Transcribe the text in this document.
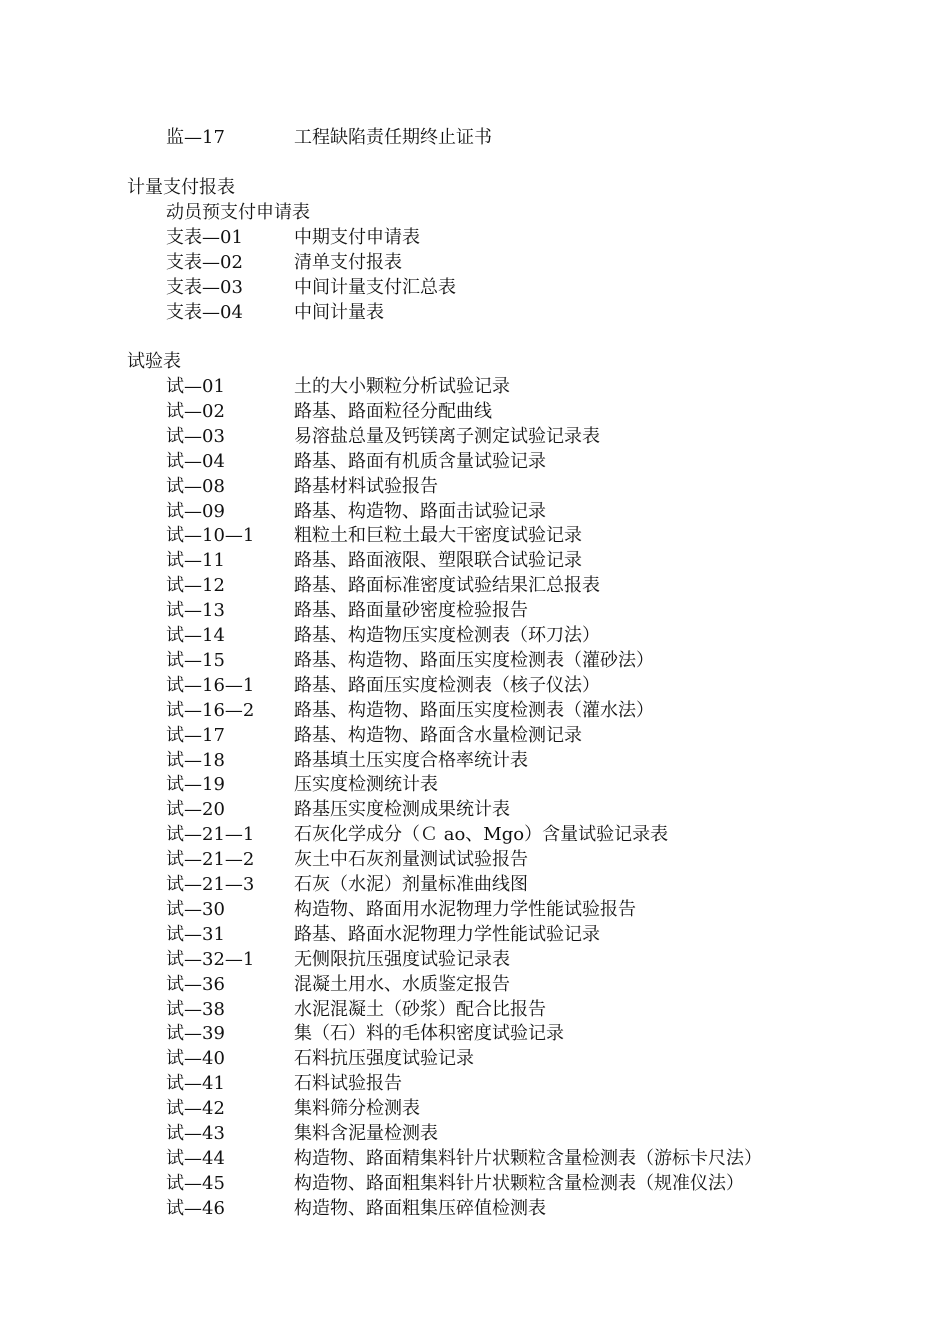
监—17	工程缺陷责任期终止证书
计量支付报表
动员预支付申请表
支表—01	中期支付申请表
支表—02	清单支付报表
支表—03	中间计量支付汇总表
支表—04	中间计量表
试验表
试—01	土的大小颗粒分析试验记录
试—02	路基、路面粒径分配曲线
试—03	易溶盐总量及钙镁离子测定试验记录表
试—04	路基、路面有机质含量试验记录
试—08	路基材料试验报告
试—09	路基、构造物、路面击试验记录
试—10—1 粗粒土和巨粒土最大干密度试验记录
试—11	路基、路面液限、塑限联合试验记录
试—12	路基、路面标准密度试验结果汇总报表
试—13	路基、路面量砂密度检验报告
试—14	路基、构造物压实度检测表（环刀法）
试—15	路基、构造物、路面压实度检测表（灌砂法）
试—16—1 路基、路面压实度检测表（核子仪法）
试—16—2 路基、构造物、路面压实度检测表（灌水法）
试—17	路基、构造物、路面含水量检测记录
试—18	路基填土压实度合格率统计表
试—19	压实度检测统计表
试—20	路基压实度检测成果统计表
试—21—1 石灰化学成分（Ｃ ao、Mgo）含量试验记录表
试—21—2 灰土中石灰剂量测试试验报告
试—21—3 石灰（水泥）剂量标准曲线图
试—30	构造物、路面用水泥物理力学性能试验报告
试—31	路基、路面水泥物理力学性能试验记录
试—32—1 无侧限抗压强度试验记录表
试—36	混凝土用水、水质鉴定报告
试—38	水泥混凝土（砂浆）配合比报告
试—39	集（石）料的毛体积密度试验记录
试—40	石料抗压强度试验记录
试—41	石料试验报告
试—42	集料筛分检测表
试—43	集料含泥量检测表
试—44	构造物、路面精集料针片状颗粒含量检测表（游标卡尺法）
试—45	构造物、路面粗集料针片状颗粒含量检测表（规准仪法）
试—46	构造物、路面粗集压碎值检测表
